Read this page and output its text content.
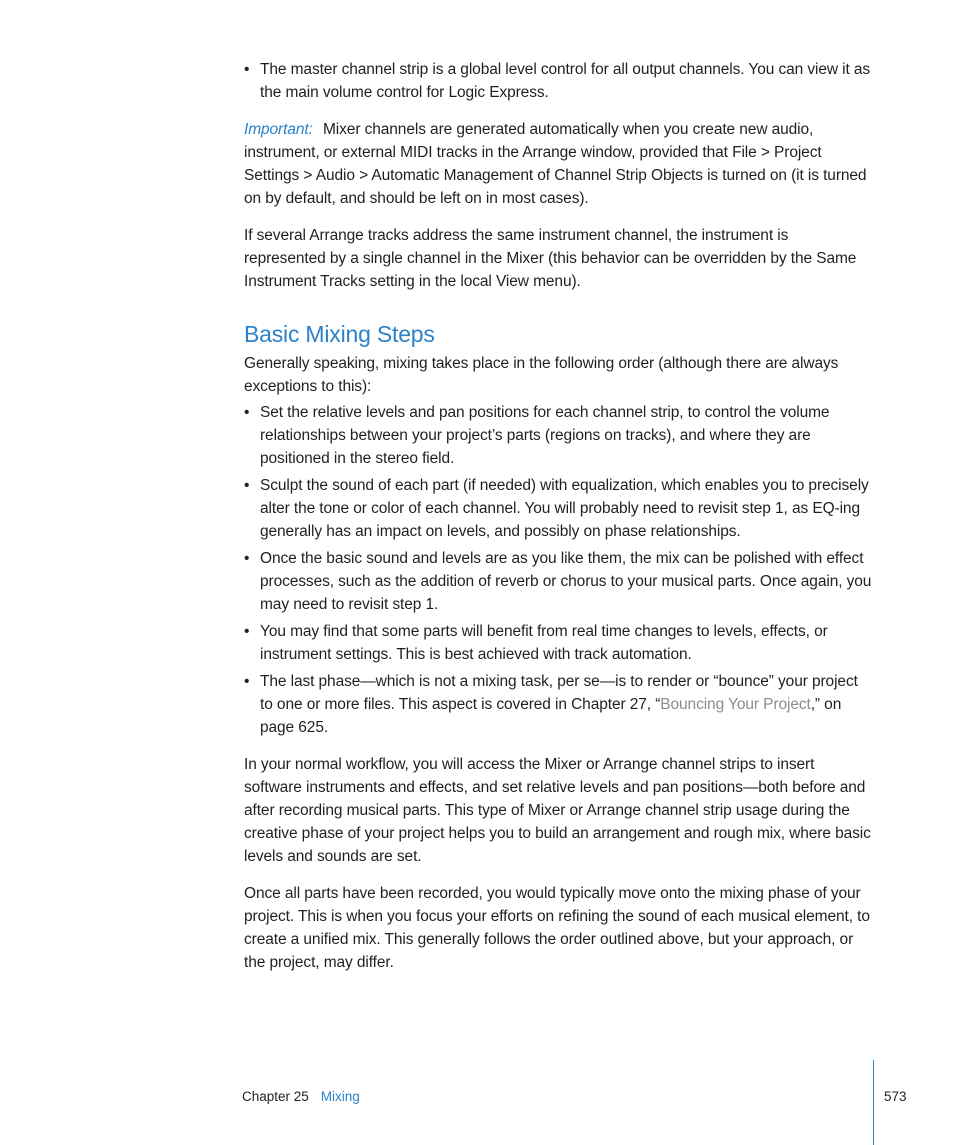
• The master channel strip is a global level control for all output channels. You can view it as the main volume control for Logic Express.

Important: Mixer channels are generated automatically when you create new audio, instrument, or external MIDI tracks in the Arrange window, provided that File > Project Settings > Audio > Automatic Management of Channel Strip Objects is turned on (it is turned on by default, and should be left on in most cases).

If several Arrange tracks address the same instrument channel, the instrument is represented by a single channel in the Mixer (this behavior can be overridden by the Same Instrument Tracks setting in the local View menu).

Basic Mixing Steps

Generally speaking, mixing takes place in the following order (although there are always exceptions to this):

• Set the relative levels and pan positions for each channel strip, to control the volume relationships between your project’s parts (regions on tracks), and where they are positioned in the stereo field.
• Sculpt the sound of each part (if needed) with equalization, which enables you to precisely alter the tone or color of each channel. You will probably need to revisit step 1, as EQ-ing generally has an impact on levels, and possibly on phase relationships.
• Once the basic sound and levels are as you like them, the mix can be polished with effect processes, such as the addition of reverb or chorus to your musical parts. Once again, you may need to revisit step 1.
• You may find that some parts will benefit from real time changes to levels, effects, or instrument settings. This is best achieved with track automation.
• The last phase—which is not a mixing task, per se—is to render or “bounce” your project to one or more files. This aspect is covered in Chapter 27, “Bouncing Your Project,” on page 625.

In your normal workflow, you will access the Mixer or Arrange channel strips to insert software instruments and effects, and set relative levels and pan positions—both before and after recording musical parts. This type of Mixer or Arrange channel strip usage during the creative phase of your project helps you to build an arrangement and rough mix, where basic levels and sounds are set.

Once all parts have been recorded, you would typically move onto the mixing phase of your project. This is when you focus your efforts on refining the sound of each musical element, to create a unified mix. This generally follows the order outlined above, but your approach, or the project, may differ.

Chapter 25 Mixing	573
